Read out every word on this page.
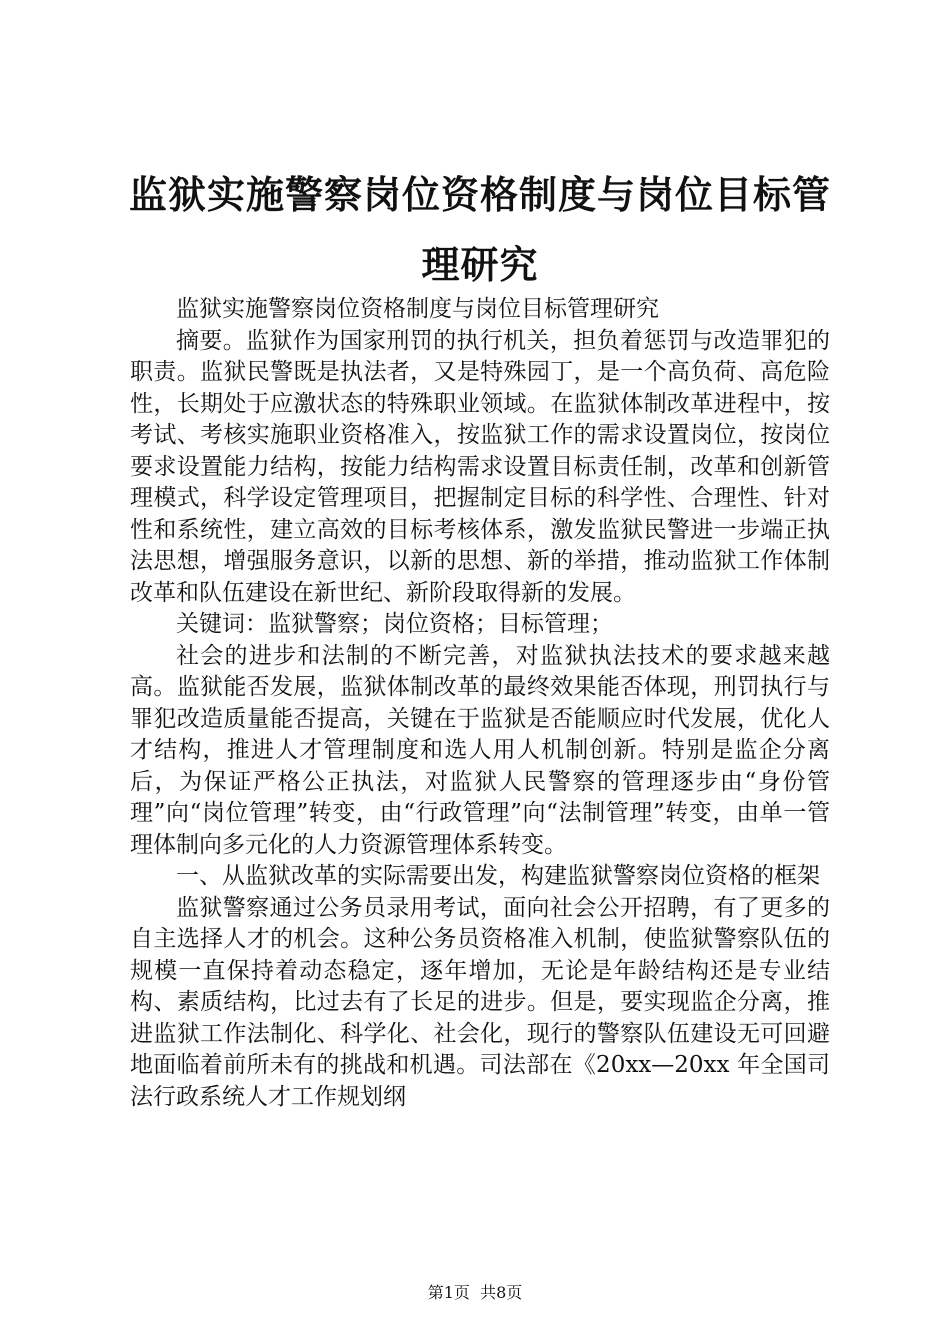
监狱实施警察岗位资格制度与岗位目标管理研究

监狱实施警察岗位资格制度与岗位目标管理研究

摘要。监狱作为国家刑罚的执行机关，担负着惩罚与改造罪犯的职责。监狱民警既是执法者，又是特殊园丁，是一个高负荷、高危险性，长期处于应激状态的特殊职业领域。在监狱体制改革进程中，按考试、考核实施职业资格准入，按监狱工作的需求设置岗位，按岗位要求设置能力结构，按能力结构需求设置目标责任制，改革和创新管理模式，科学设定管理项目，把握制定目标的科学性、合理性、针对性和系统性，建立高效的目标考核体系，激发监狱民警进一步端正执法思想，增强服务意识，以新的思想、新的举措，推动监狱工作体制改革和队伍建设在新世纪、新阶段取得新的发展。

关键词：监狱警察；岗位资格；目标管理；

社会的进步和法制的不断完善，对监狱执法技术的要求越来越高。监狱能否发展，监狱体制改革的最终效果能否体现，刑罚执行与罪犯改造质量能否提高，关键在于监狱是否能顺应时代发展，优化人才结构，推进人才管理制度和选人用人机制创新。特别是监企分离后，为保证严格公正执法，对监狱人民警察的管理逐步由“身份管理”向“岗位管理”转变，由“行政管理”向“法制管理”转变，由单一管理体制向多元化的人力资源管理体系转变。

一、从监狱改革的实际需要出发，构建监狱警察岗位资格的框架

监狱警察通过公务员录用考试，面向社会公开招聘，有了更多的自主选择人才的机会。这种公务员资格准入机制，使监狱警察队伍的规模一直保持着动态稳定，逐年增加，无论是年龄结构还是专业结构、素质结构，比过去有了长足的进步。但是，要实现监企分离，推进监狱工作法制化、科学化、社会化，现行的警察队伍建设无可回避地面临着前所未有的挑战和机遇。司法部在《20xx—20xx 年全国司法行政系统人才工作规划纲

第1页 共8页
